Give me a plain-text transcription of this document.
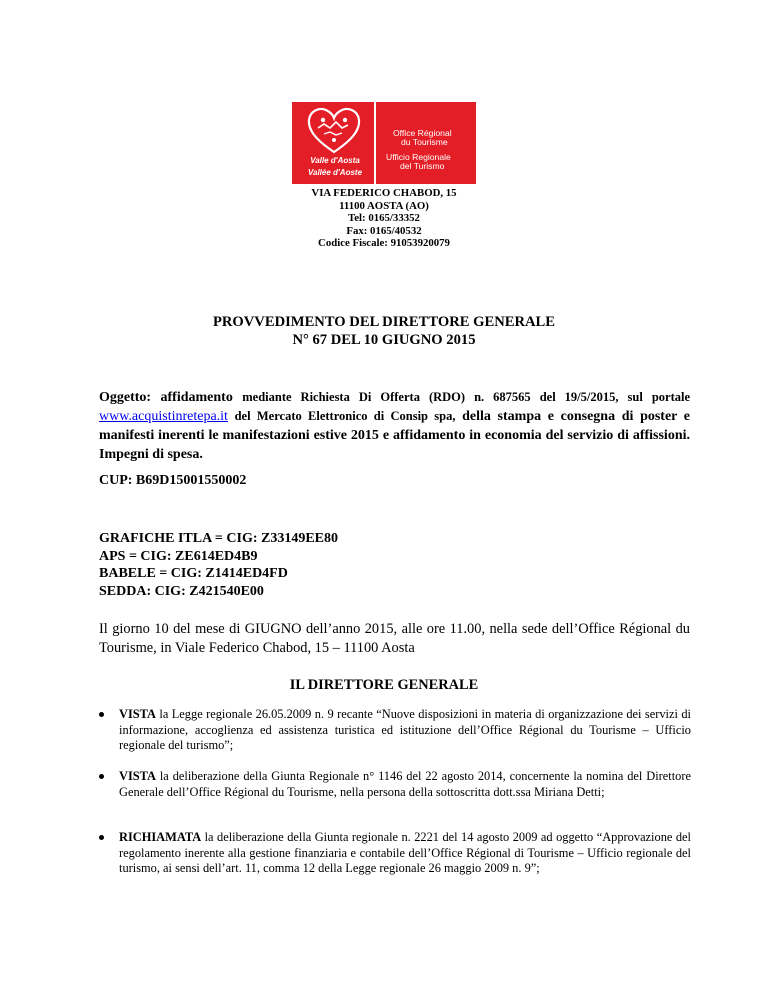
Valle d'Aosta
Vallée d'Aoste
Office Régional
du Tourisme
Ufficio Regionale
del Turismo
VIA FEDERICO CHABOD, 15
11100 AOSTA (AO)
Tel: 0165/33352
Fax: 0165/40532
Codice Fiscale: 91053920079
PROVVEDIMENTO DEL DIRETTORE GENERALE
N° 67 DEL 10 GIUGNO 2015
Oggetto: affidamento mediante Richiesta Di Offerta (RDO) n. 687565 del 19/5/2015, sul portale www.acquistinretepa.it del Mercato Elettronico di Consip spa, della stampa e consegna di poster e manifesti inerenti le manifestazioni estive 2015 e affidamento in economia del servizio di affissioni. Impegni di spesa.
CUP: B69D15001550002
GRAFICHE ITLA = CIG: Z33149EE80
APS = CIG: ZE614ED4B9
BABELE = CIG: Z1414ED4FD
SEDDA: CIG: Z421540E00
Il giorno 10 del mese di GIUGNO dell’anno 2015, alle ore 11.00, nella sede dell’Office Régional du Tourisme, in Viale Federico Chabod, 15 – 11100 Aosta
IL DIRETTORE GENERALE
VISTA la Legge regionale 26.05.2009 n. 9 recante “Nuove disposizioni in materia di organizzazione dei servizi di informazione, accoglienza ed assistenza turistica ed istituzione dell’Office Régional du Tourisme – Ufficio regionale del turismo”;
VISTA la deliberazione della Giunta Regionale n° 1146 del 22 agosto 2014, concernente la nomina del Direttore Generale dell’Office Régional du Tourisme, nella persona della sottoscritta dott.ssa Miriana Detti;
RICHIAMATA la deliberazione della Giunta regionale n. 2221 del 14 agosto 2009 ad oggetto “Approvazione del regolamento inerente alla gestione finanziaria e contabile dell’Office Régional di Tourisme – Ufficio regionale del turismo, ai sensi dell’art. 11, comma 12 della Legge regionale 26 maggio 2009 n. 9”;
